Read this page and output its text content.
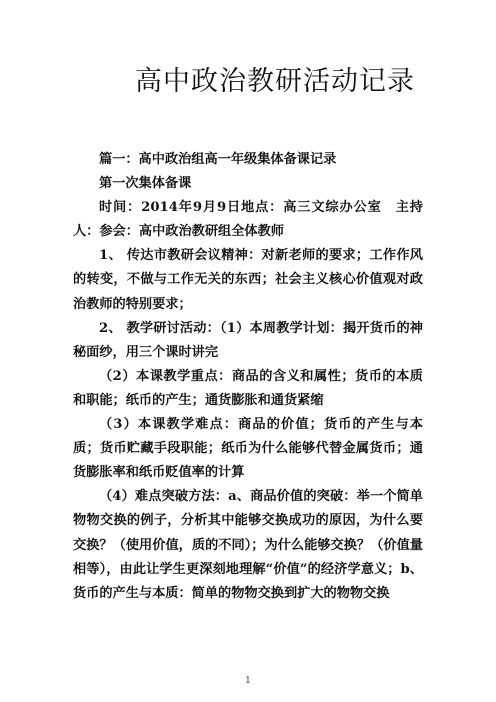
高中政治教研活动记录

篇一：高中政治组高一年级集体备课记录

第一次集体备课

时间：2014年9月9日地点：高三文综办公室　主持人：参会：高中政治教研组全体教师

1、 传达市教研会议精神：对新老师的要求；工作作风的转变，不做与工作无关的东西；社会主义核心价值观对政治教师的特别要求；

2、 教学研讨活动：（1）本周教学计划：揭开货币的神秘面纱，用三个课时讲完

（2）本课教学重点：商品的含义和属性；货币的本质和职能；纸币的产生；通货膨胀和通货紧缩

（3）本课教学难点：商品的价值；货币的产生与本质；货币贮藏手段职能；纸币为什么能够代替金属货币；通货膨胀率和纸币贬值率的计算

（4）难点突破方法：a、商品价值的突破：举一个简单物物交换的例子，分析其中能够交换成功的原因，为什么要交换？（使用价值，质的不同）；为什么能够交换？（价值量相等），由此让学生更深刻地理解“价值”的经济学意义；b、货币的产生与本质：简单的物物交换到扩大的物物交换

1
